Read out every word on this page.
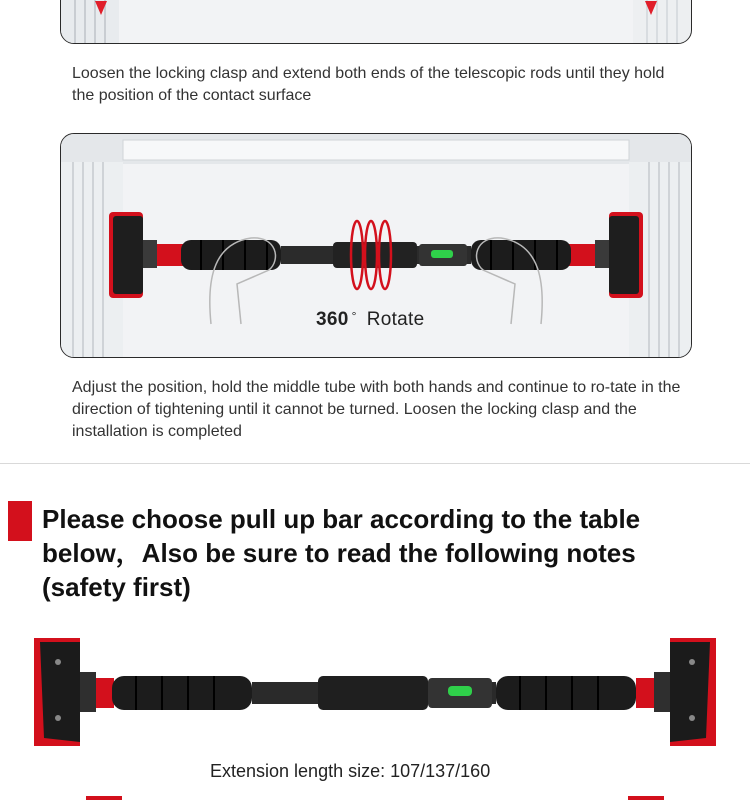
Loosen the locking clasp and extend both ends of the telescopic rods until they hold the position of the contact surface
360 ° Rotate
Adjust the position, hold the middle tube with both hands and continue to ro-tate in the direction of tightening until it cannot be turned. Loosen the locking clasp and the installation is completed
Please choose pull up bar according to the table below，Also be sure to read the following notes (safety first)
Extension length size: 107/137/160
